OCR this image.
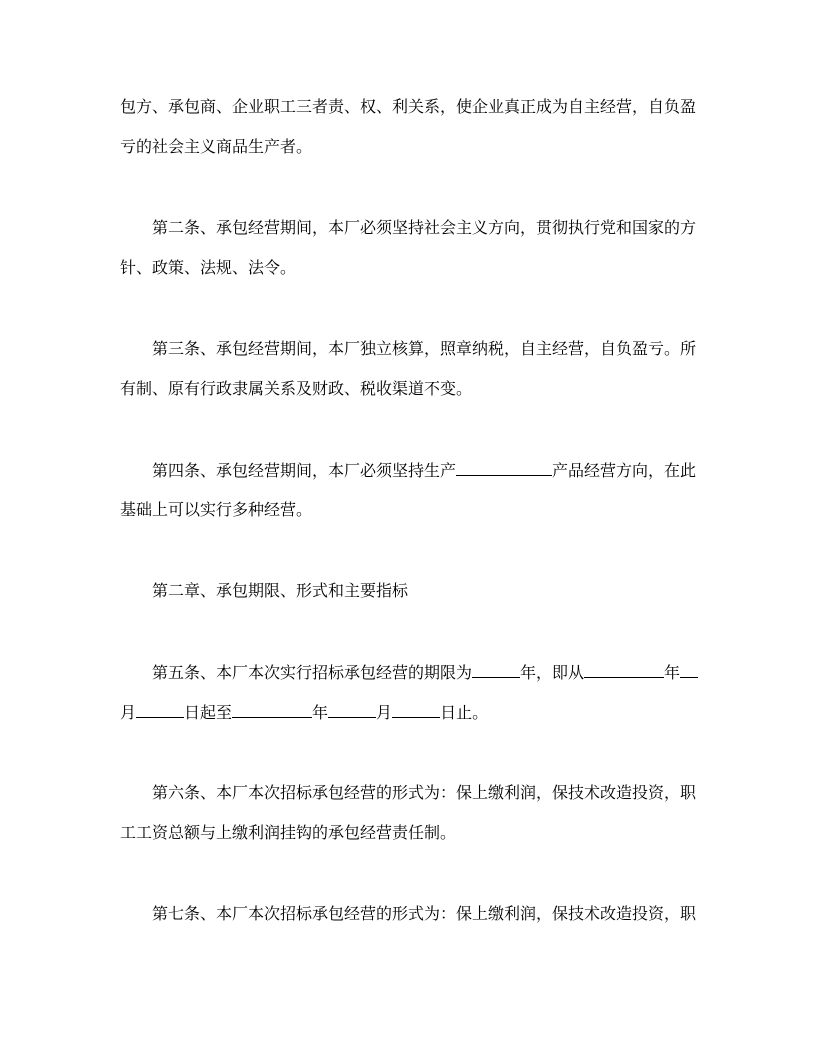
包方、承包商、企业职工三者责、权、利关系，使企业真正成为自主经营，自负盈
亏的社会主义商品生产者。
第二条、承包经营期间，本厂必须坚持社会主义方向，贯彻执行党和国家的方
针、政策、法规、法令。
第三条、承包经营期间，本厂独立核算，照章纳税，自主经营，自负盈亏。所
有制、原有行政隶属关系及财政、税收渠道不变。
第四条、承包经营期间，本厂必须坚持生产	产品经营方向，在此
基础上可以实行多种经营。
第二章、承包期限、形式和主要指标
第五条、本厂本次实行招标承包经营的期限为	年，即从	年
月	日起至	年	月	日止。
第六条、本厂本次招标承包经营的形式为：保上缴利润，保技术改造投资，职
工工资总额与上缴利润挂钩的承包经营责任制。
第七条、本厂本次招标承包经营的形式为：保上缴利润，保技术改造投资，职
